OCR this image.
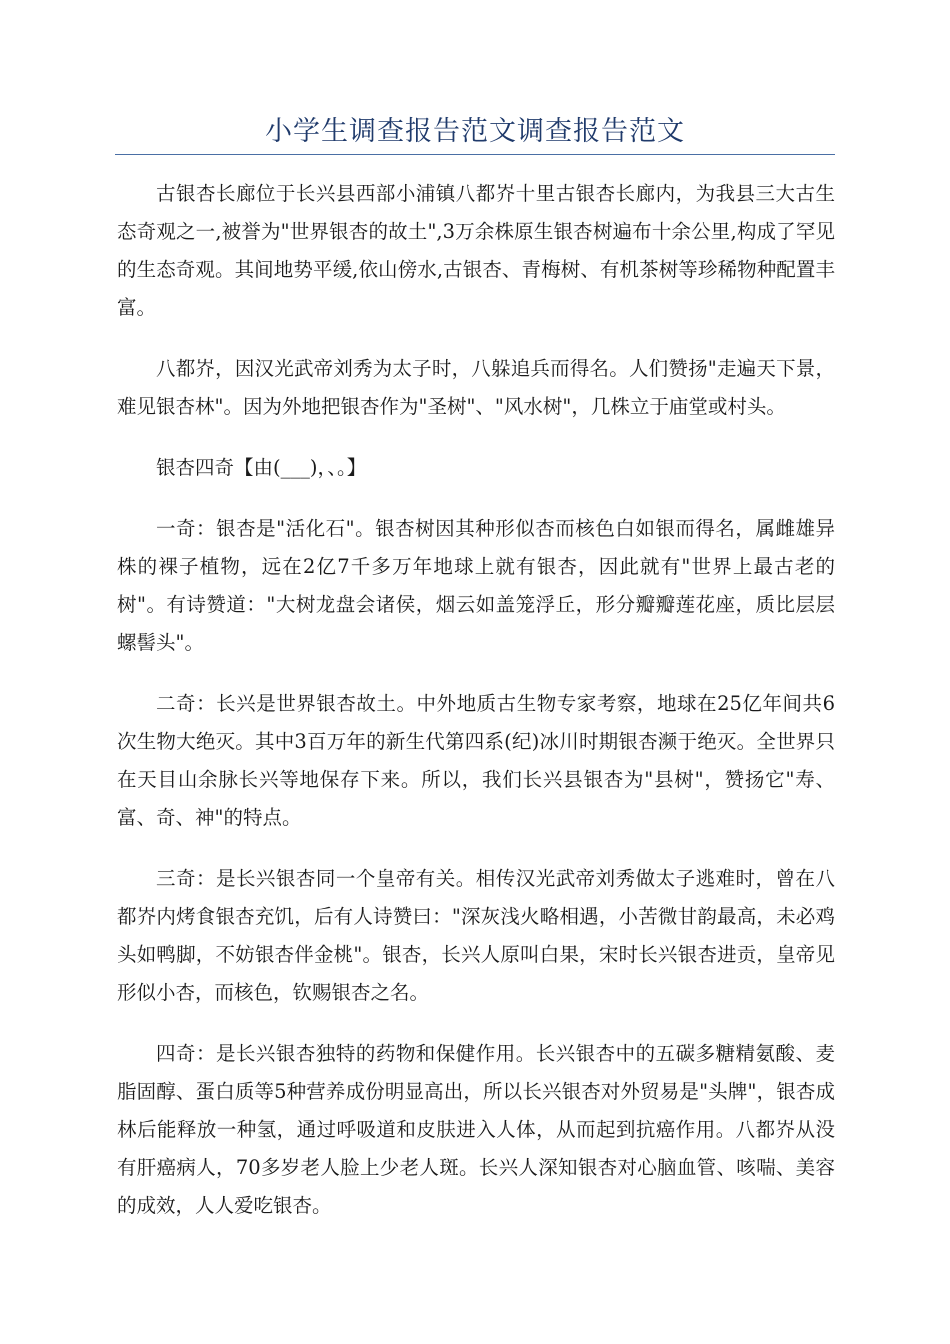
小学生调查报告范文调查报告范文

古银杏长廊位于长兴县西部小浦镇八都岕十里古银杏长廊内，为我县三大古生态奇观之一,被誉为"世界银杏的故土",3万余株原生银杏树遍布十余公里,构成了罕见的生态奇观。其间地势平缓,依山傍水,古银杏、青梅树、有机茶树等珍稀物种配置丰富。

八都岕，因汉光武帝刘秀为太子时，八躲追兵而得名。人们赞扬"走遍天下景，难见银杏林"。因为外地把银杏作为"圣树"、"风水树"，几株立于庙堂或村头。

银杏四奇【由(___)，、。】

一奇：银杏是"活化石"。银杏树因其种形似杏而核色白如银而得名，属雌雄异株的裸子植物，远在2亿7千多万年地球上就有银杏，因此就有"世界上最古老的树"。有诗赞道："大树龙盘会诸侯，烟云如盖笼浮丘，形分瓣瓣莲花座，质比层层螺髻头"。

二奇：长兴是世界银杏故土。中外地质古生物专家考察，地球在25亿年间共6次生物大绝灭。其中3百万年的新生代第四系(纪)冰川时期银杏濒于绝灭。全世界只在天目山余脉长兴等地保存下来。所以，我们长兴县银杏为"县树"，赞扬它"寿、富、奇、神"的特点。

三奇：是长兴银杏同一个皇帝有关。相传汉光武帝刘秀做太子逃难时，曾在八都岕内烤食银杏充饥，后有人诗赞曰："深灰浅火略相遇，小苦微甘韵最高，未必鸡头如鸭脚，不妨银杏伴金桃"。银杏，长兴人原叫白果，宋时长兴银杏进贡，皇帝见形似小杏，而核色，钦赐银杏之名。

四奇：是长兴银杏独特的药物和保健作用。长兴银杏中的五碳多糖精氨酸、麦脂固醇、蛋白质等5种营养成份明显高出，所以长兴银杏对外贸易是"头牌"，银杏成林后能释放一种氢，通过呼吸道和皮肤进入人体，从而起到抗癌作用。八都岕从没有肝癌病人，70多岁老人脸上少老人斑。长兴人深知银杏对心脑血管、咳喘、美容的成效，人人爱吃银杏。
